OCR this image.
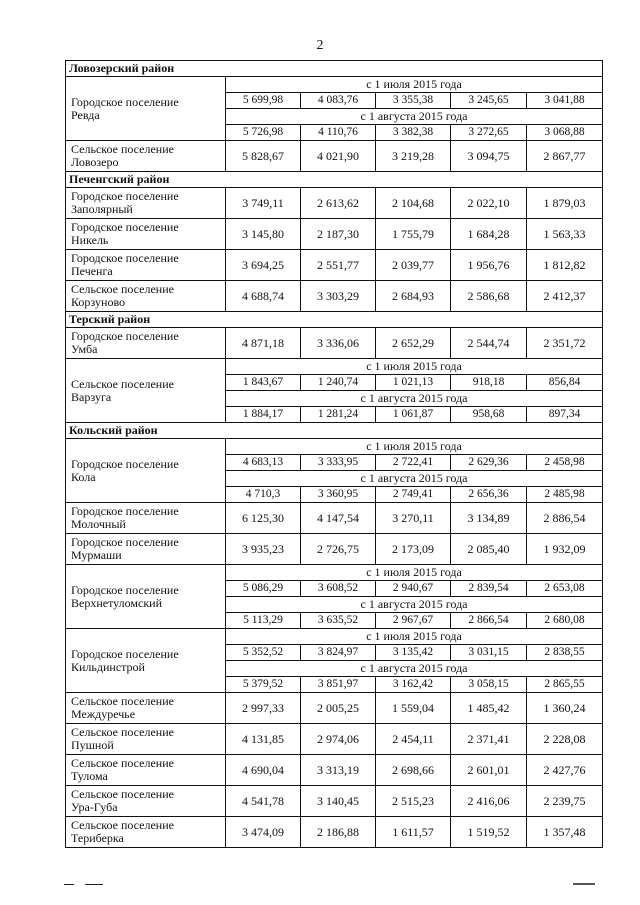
2
Ловозерский район					
Городское поселение
Ревда	с 1 июля 2015 года				
	5 699,98	4 083,76	3 355,38	3 245,65	3 041,88
	с 1 августа 2015 года				
	5 726,98	4 110,76	3 382,38	3 272,65	3 068,88
Сельское поселение
Ловозеро	5 828,67	4 021,90	3 219,28	3 094,75	2 867,77
Печенгский район					
Городское поселение
Заполярный	3 749,11	2 613,62	2 104,68	2 022,10	1 879,03
Городское поселение
Никель	3 145,80	2 187,30	1 755,79	1 684,28	1 563,33
Городское поселение
Печенга	3 694,25	2 551,77	2 039,77	1 956,76	1 812,82
Сельское поселение
Корзуново	4 688,74	3 303,29	2 684,93	2 586,68	2 412,37
Терский район					
Городское поселение
Умба	4 871,18	3 336,06	2 652,29	2 544,74	2 351,72
Сельское поселение
Варзуга	с 1 июля 2015 года				
	1 843,67	1 240,74	1 021,13	918,18	856,84
	с 1 августа 2015 года				
	1 884,17	1 281,24	1 061,87	958,68	897,34
Кольский район					
Городское поселение
Кола	с 1 июля 2015 года				
	4 683,13	3 333,95	2 722,41	2 629,36	2 458,98
	с 1 августа 2015 года				
	4 710,3	3 360,95	2 749,41	2 656,36	2 485,98
Городское поселение
Молочный	6 125,30	4 147,54	3 270,11	3 134,89	2 886,54
Городское поселение
Мурмаши	3 935,23	2 726,75	2 173,09	2 085,40	1 932,09
Городское поселение
Верхнетуломский	с 1 июля 2015 года				
	5 086,29	3 608,52	2 940,67	2 839,54	2 653,08
	с 1 августа 2015 года				
	5 113,29	3 635,52	2 967,67	2 866,54	2 680,08
Городское поселение
Кильдинстрой	с 1 июля 2015 года				
	5 352,52	3 824,97	3 135,42	3 031,15	2 838,55
	с 1 августа 2015 года				
	5 379,52	3 851,97	3 162,42	3 058,15	2 865,55
Сельское поселение
Междуречье	2 997,33	2 005,25	1 559,04	1 485,42	1 360,24
Сельское поселение
Пушной	4 131,85	2 974,06	2 454,11	2 371,41	2 228,08
Сельское поселение
Тулома	4 690,04	3 313,19	2 698,66	2 601,01	2 427,76
Сельское поселение
Ура-Губа	4 541,78	3 140,45	2 515,23	2 416,06	2 239,75
Сельское поселение
Териберка	3 474,09	2 186,88	1 611,57	1 519,52	1 357,48
